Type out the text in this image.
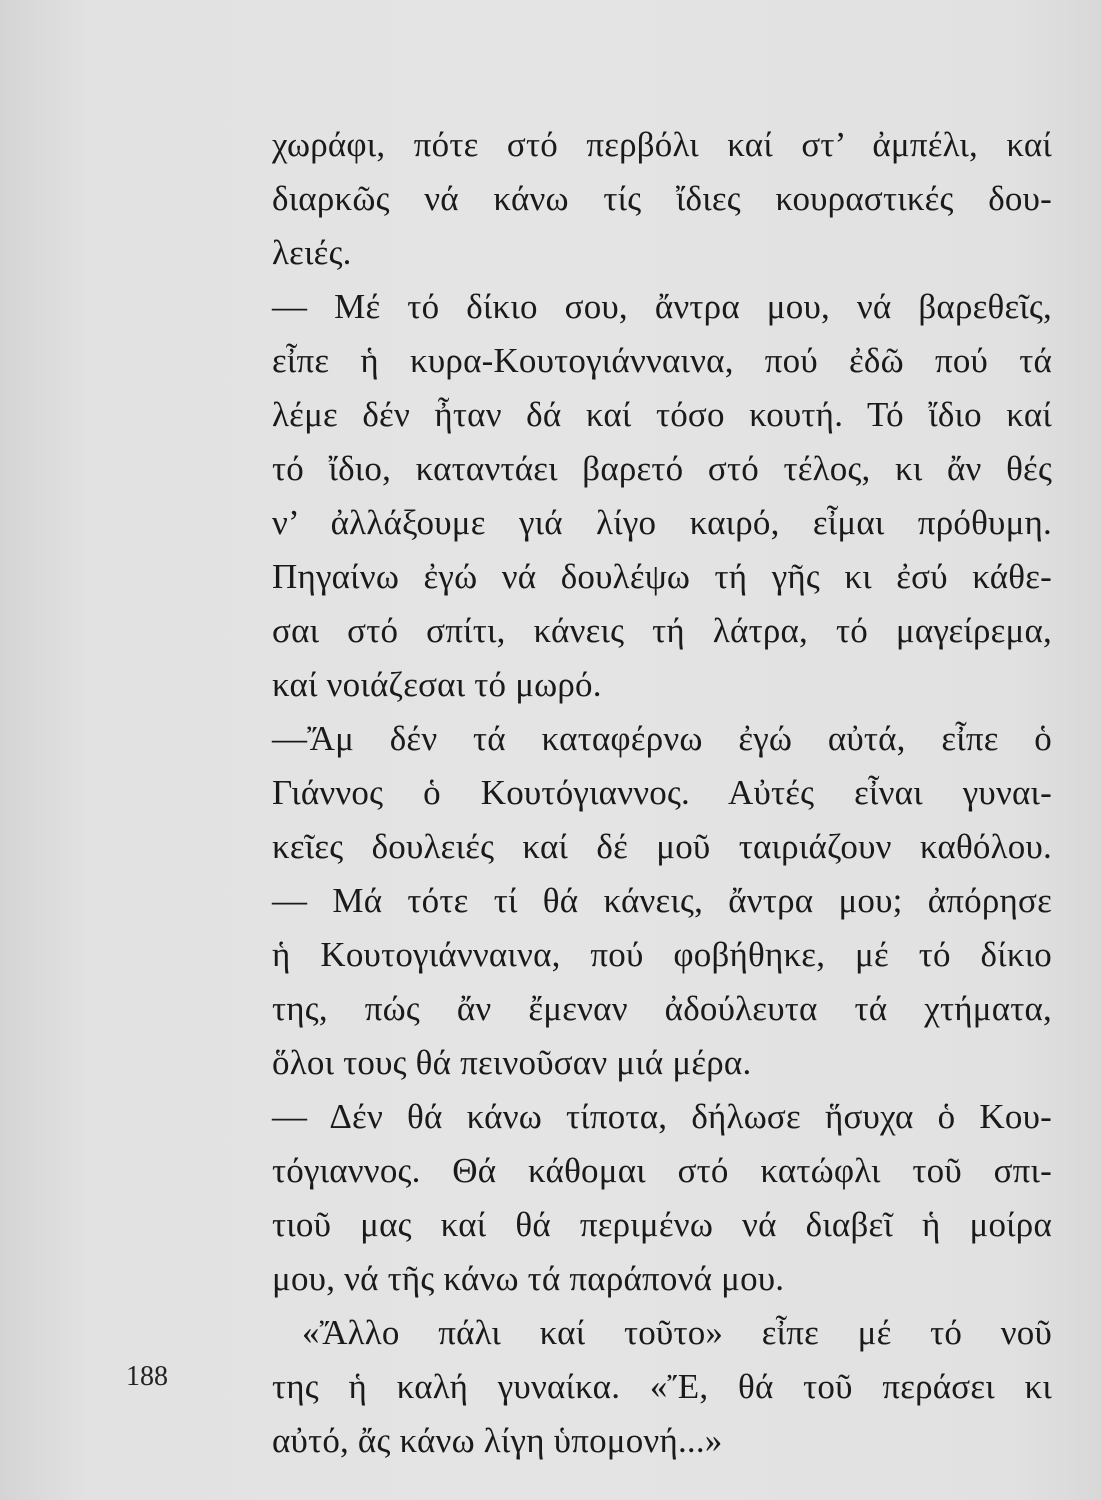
χωράφι, πότε στό περβόλι καί στ’ ἀμπέλι, καί
διαρκῶς νά κάνω τίς ἴδιες κουραστικές δου-
λειές.
— Μέ τό δίκιο σου, ἄντρα μου, νά βαρεθεῖς,
εἶπε ἡ κυρα-Κουτογιάνναινα, πού ἐδῶ πού τά
λέμε δέν ἦταν δά καί τόσο κουτή. Τό ἴδιο καί
τό ἴδιο, καταντάει βαρετό στό τέλος, κι ἄν θές
ν’ ἀλλάξουμε γιά λίγο καιρό, εἶμαι πρόθυμη.
Πηγαίνω ἐγώ νά δουλέψω τή γῆς κι ἐσύ κάθε-
σαι στό σπίτι, κάνεις τή λάτρα, τό μαγείρεμα,
καί νοιάζεσαι τό μωρό.
—Ἄμ δέν τά καταφέρνω ἐγώ αὐτά, εἶπε ὁ
Γιάννος ὁ Κουτόγιαννος. Αὐτές εἶναι γυναι-
κεῖες δουλειές καί δέ μοῦ ταιριάζουν καθόλου.
— Μά τότε τί θά κάνεις, ἄντρα μου; ἀπόρησε
ἡ Κουτογιάνναινα, πού φοβήθηκε, μέ τό δίκιο
της, πώς ἄν ἔμεναν ἀδούλευτα τά χτήματα,
ὅλοι τους θά πεινοῦσαν μιά μέρα.
— Δέν θά κάνω τίποτα, δήλωσε ἥσυχα ὁ Κου-
τόγιαννος. Θά κάθομαι στό κατώφλι τοῦ σπι-
τιοῦ μας καί θά περιμένω νά διαβεῖ ἡ μοίρα
μου, νά τῆς κάνω τά παράπονά μου.
«Ἄλλο πάλι καί τοῦτο» εἶπε μέ τό νοῦ
της ἡ καλή γυναίκα. «Ἔ, θά τοῦ περάσει κι
αὐτό, ἄς κάνω λίγη ὑπομονή...»
188
